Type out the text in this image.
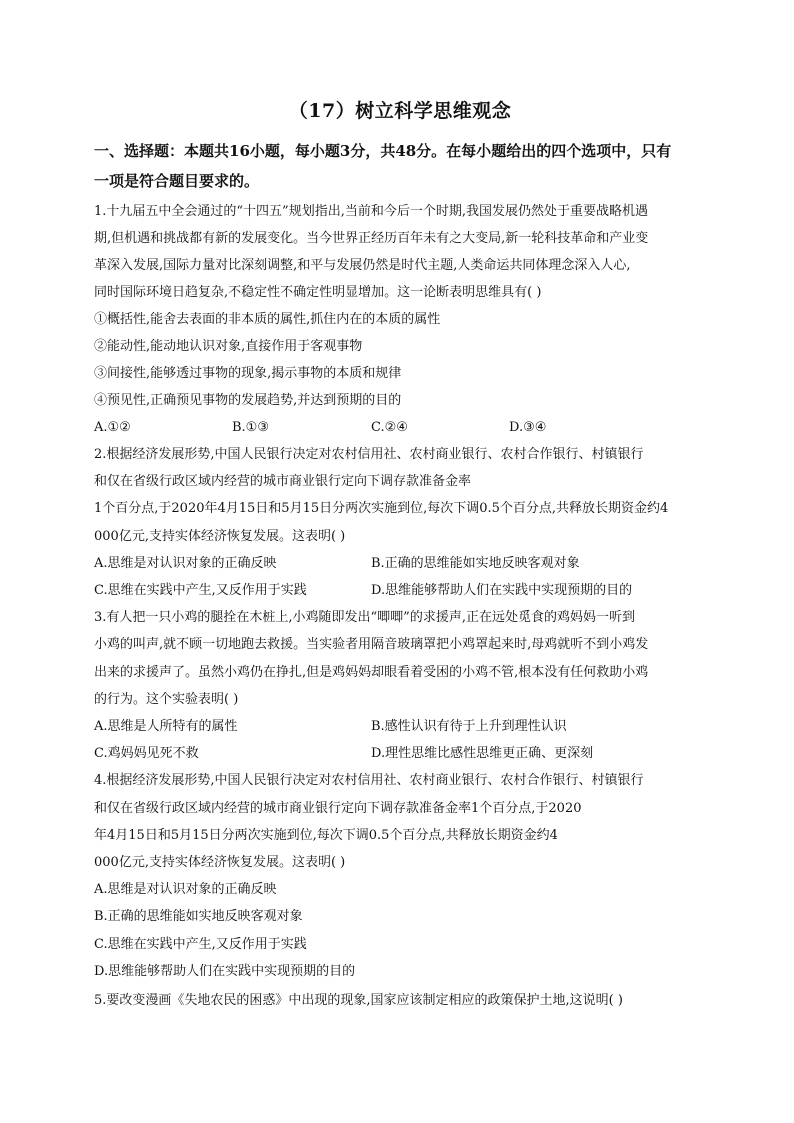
（17）树立科学思维观念
一、选择题：本题共16小题，每小题3分，共48分。在每小题给出的四个选项中，只有
一项是符合题目要求的。
1.十九届五中全会通过的“十四五”规划指出,当前和今后一个时期,我国发展仍然处于重要战略机遇
期,但机遇和挑战都有新的发展变化。当今世界正经历百年未有之大变局,新一轮科技革命和产业变
革深入发展,国际力量对比深刻调整,和平与发展仍然是时代主题,人类命运共同体理念深入人心,
同时国际环境日趋复杂,不稳定性不确定性明显增加。这一论断表明思维具有( )
①概括性,能舍去表面的非本质的属性,抓住内在的本质的属性
②能动性,能动地认识对象,直接作用于客观事物
③间接性,能够透过事物的现象,揭示事物的本质和规律
④预见性,正确预见事物的发展趋势,并达到预期的目的
A.①②	B.①③	C.②④	D.③④
2.根据经济发展形势,中国人民银行决定对农村信用社、农村商业银行、农村合作银行、村镇银行
和仅在省级行政区域内经营的城市商业银行定向下调存款准备金率
1个百分点,于2020年4月15日和5月15日分两次实施到位,每次下调0.5个百分点,共释放长期资金约4
000亿元,支持实体经济恢复发展。这表明( )
A.思维是对认识对象的正确反映	B.正确的思维能如实地反映客观对象
C.思维在实践中产生,又反作用于实践	D.思维能够帮助人们在实践中实现预期的目的
3.有人把一只小鸡的腿拴在木桩上,小鸡随即发出“唧唧”的求援声,正在远处觅食的鸡妈妈一听到
小鸡的叫声,就不顾一切地跑去救援。当实验者用隔音玻璃罩把小鸡罩起来时,母鸡就听不到小鸡发
出来的求援声了。虽然小鸡仍在挣扎,但是鸡妈妈却眼看着受困的小鸡不管,根本没有任何救助小鸡
的行为。这个实验表明( )
A.思维是人所特有的属性	B.感性认识有待于上升到理性认识
C.鸡妈妈见死不救	D.理性思维比感性思维更正确、更深刻
4.根据经济发展形势,中国人民银行决定对农村信用社、农村商业银行、农村合作银行、村镇银行
和仅在省级行政区域内经营的城市商业银行定向下调存款准备金率1个百分点,于2020
年4月15日和5月15日分两次实施到位,每次下调0.5个百分点,共释放长期资金约4
000亿元,支持实体经济恢复发展。这表明( )
A.思维是对认识对象的正确反映
B.正确的思维能如实地反映客观对象
C.思维在实践中产生,又反作用于实践
D.思维能够帮助人们在实践中实现预期的目的
5.要改变漫画《失地农民的困惑》中出现的现象,国家应该制定相应的政策保护土地,这说明( )
